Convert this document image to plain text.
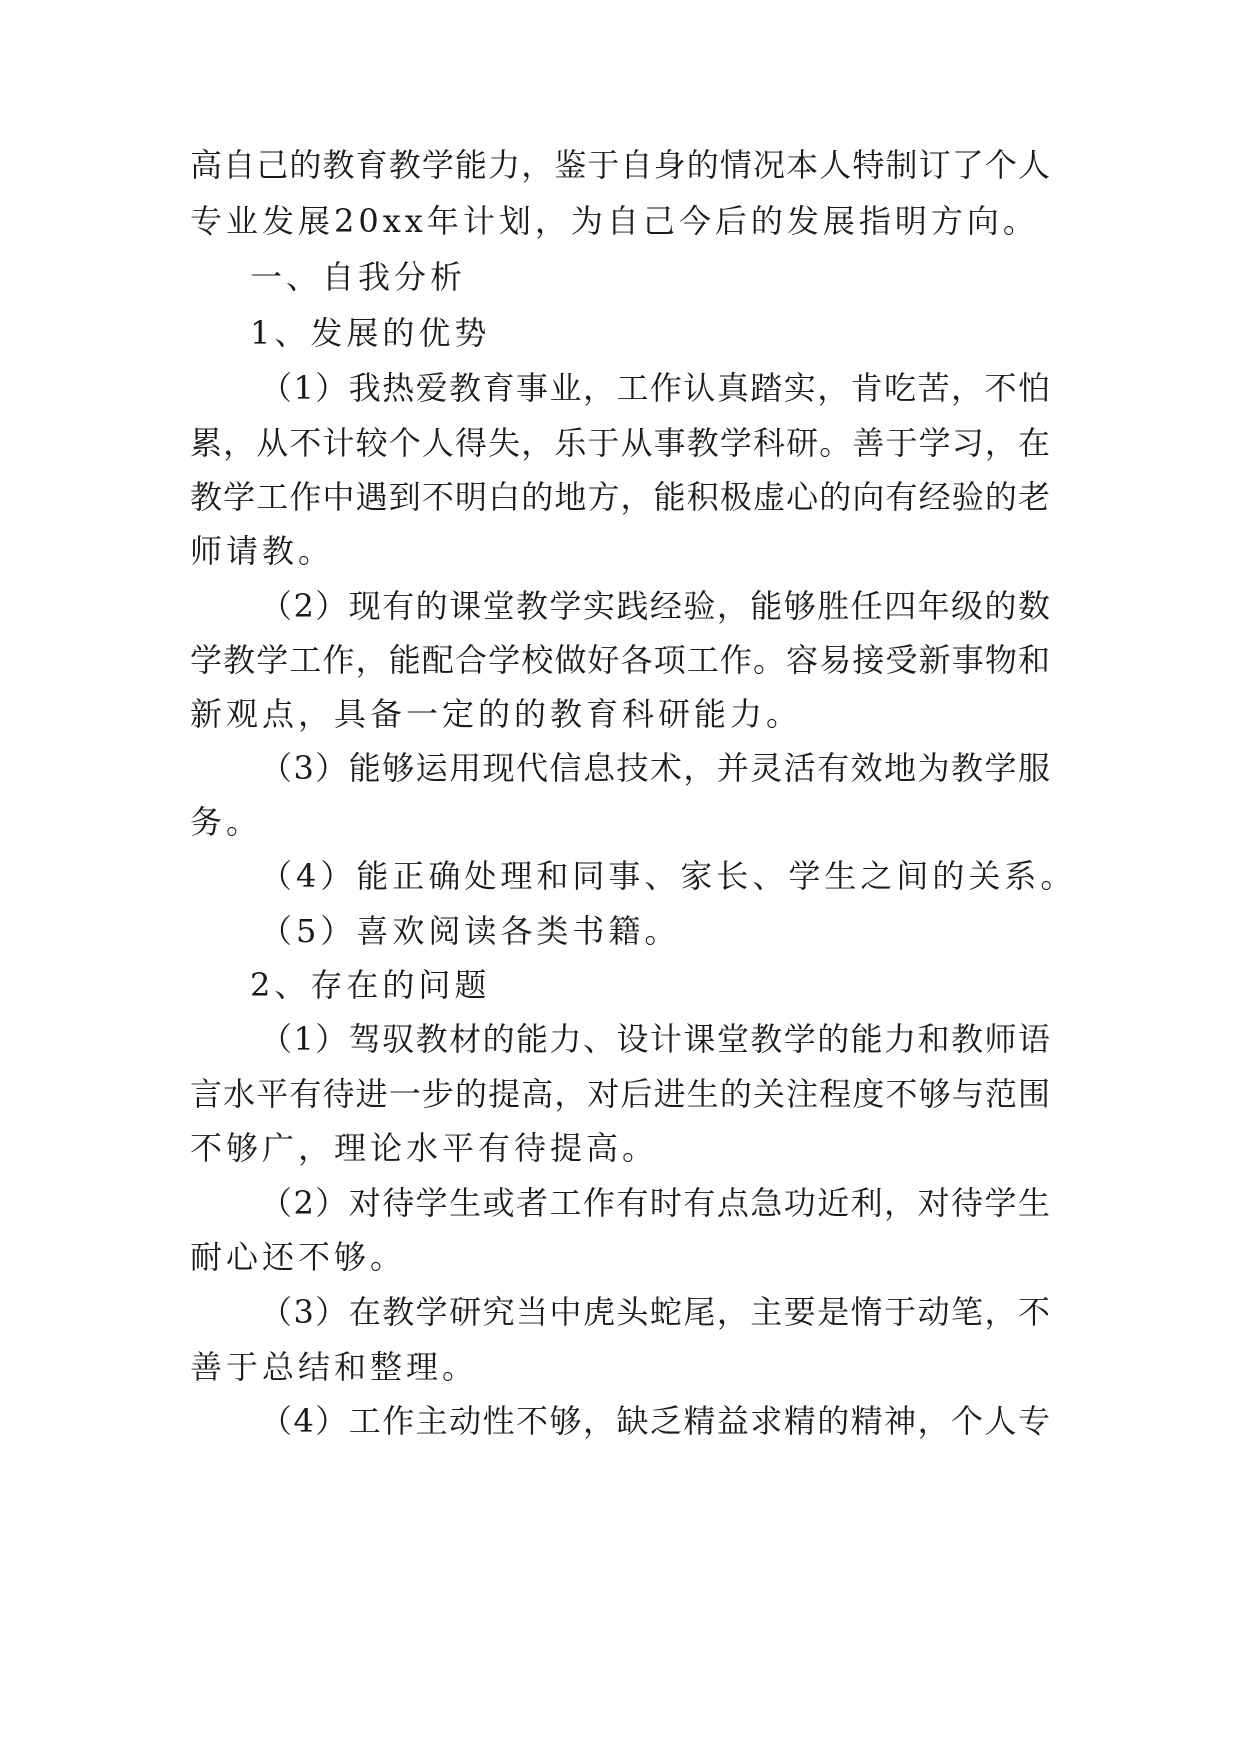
高自己的教育教学能力，鉴于自身的情况本人特制订了个人
专业发展20xx年计划，为自己今后的发展指明方向。
一、自我分析
1、发展的优势
（1）我热爱教育事业，工作认真踏实，肯吃苦，不怕
累，从不计较个人得失，乐于从事教学科研。善于学习，在
教学工作中遇到不明白的地方，能积极虚心的向有经验的老
师请教。
（2）现有的课堂教学实践经验，能够胜任四年级的数
学教学工作，能配合学校做好各项工作。容易接受新事物和
新观点，具备一定的的教育科研能力。
（3）能够运用现代信息技术，并灵活有效地为教学服
务。
（4）能正确处理和同事、家长、学生之间的关系。
（5）喜欢阅读各类书籍。
2、存在的问题
（1）驾驭教材的能力、设计课堂教学的能力和教师语
言水平有待进一步的提高，对后进生的关注程度不够与范围
不够广，理论水平有待提高。
（2）对待学生或者工作有时有点急功近利，对待学生
耐心还不够。
（3）在教学研究当中虎头蛇尾，主要是惰于动笔，不
善于总结和整理。
（4）工作主动性不够，缺乏精益求精的精神，个人专
